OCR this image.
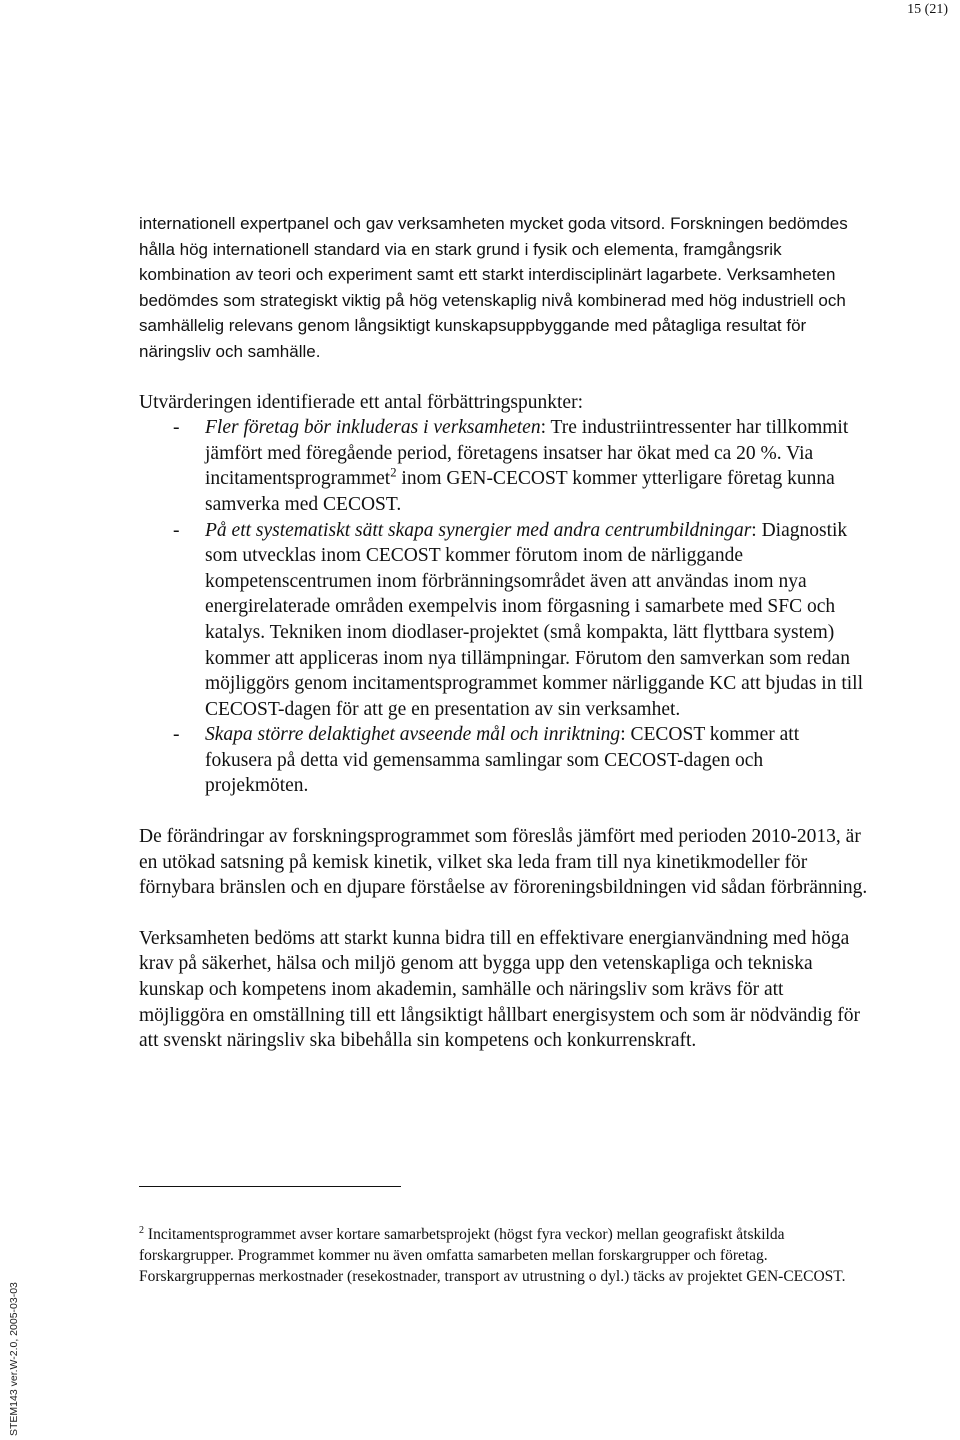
15 (21)

internationell expertpanel och gav verksamheten mycket goda vitsord. Forskningen bedömdes hålla hög internationell standard via en stark grund i fysik och elementa, framgångsrik kombination av teori och experiment samt ett starkt interdisciplinärt lagarbete. Verksamheten bedömdes som strategiskt viktig på hög vetenskaplig nivå kombinerad med hög industriell och samhällelig relevans genom långsiktigt kunskapsuppbyggande med påtagliga resultat för näringsliv och samhälle.

Utvärderingen identifierade ett antal förbättringspunkter:

- Fler företag bör inkluderas i verksamheten: Tre industriintressenter har tillkommit jämfört med föregående period, företagens insatser har ökat med ca 20 %. Via incitamentsprogrammet$^2$ inom GEN-CECOST kommer ytterligare företag kunna samverka med CECOST.
- På ett systematiskt sätt skapa synergier med andra centrumbildningar: Diagnostik som utvecklas inom CECOST kommer förutom inom de närliggande kompetenscentrumen inom förbränningsområdet även att användas inom nya energirelaterade områden exempelvis inom förgasning i samarbete med SFC och katalys. Tekniken inom diodlaser-projektet (små kompakta, lätt flyttbara system) kommer att appliceras inom nya tillämpningar. Förutom den samverkan som redan möjliggörs genom incitamentsprogrammet kommer närliggande KC att bjudas in till CECOST-dagen för att ge en presentation av sin verksamhet.
- Skapa större delaktighet avseende mål och inriktning: CECOST kommer att fokusera på detta vid gemensamma samlingar som CECOST-dagen och projekmöten.

De förändringar av forskningsprogrammet som föreslås jämfört med perioden 2010-2013, är en utökad satsning på kemisk kinetik, vilket ska leda fram till nya kinetikmodeller för förnybara bränslen och en djupare förståelse av föroreningsbildningen vid sådan förbränning.

Verksamheten bedöms att starkt kunna bidra till en effektivare energianvändning med höga krav på säkerhet, hälsa och miljö genom att bygga upp den vetenskapliga och tekniska kunskap och kompetens inom akademin, samhälle och näringsliv som krävs för att möjliggöra en omställning till ett långsiktigt hållbart energisystem och som är nödvändig för att svenskt näringsliv ska bibehålla sin kompetens och konkurrenskraft.

$^2$ Incitamentsprogrammet avser kortare samarbetsprojekt (högst fyra veckor) mellan geografiskt åtskilda forskargrupper. Programmet kommer nu även omfatta samarbeten mellan forskargrupper och företag. Forskargruppernas merkostnader (resekostnader, transport av utrustning o dyl.) täcks av projektet GEN-CECOST.

STEM143 ver.W-2.0, 2005-03-03
